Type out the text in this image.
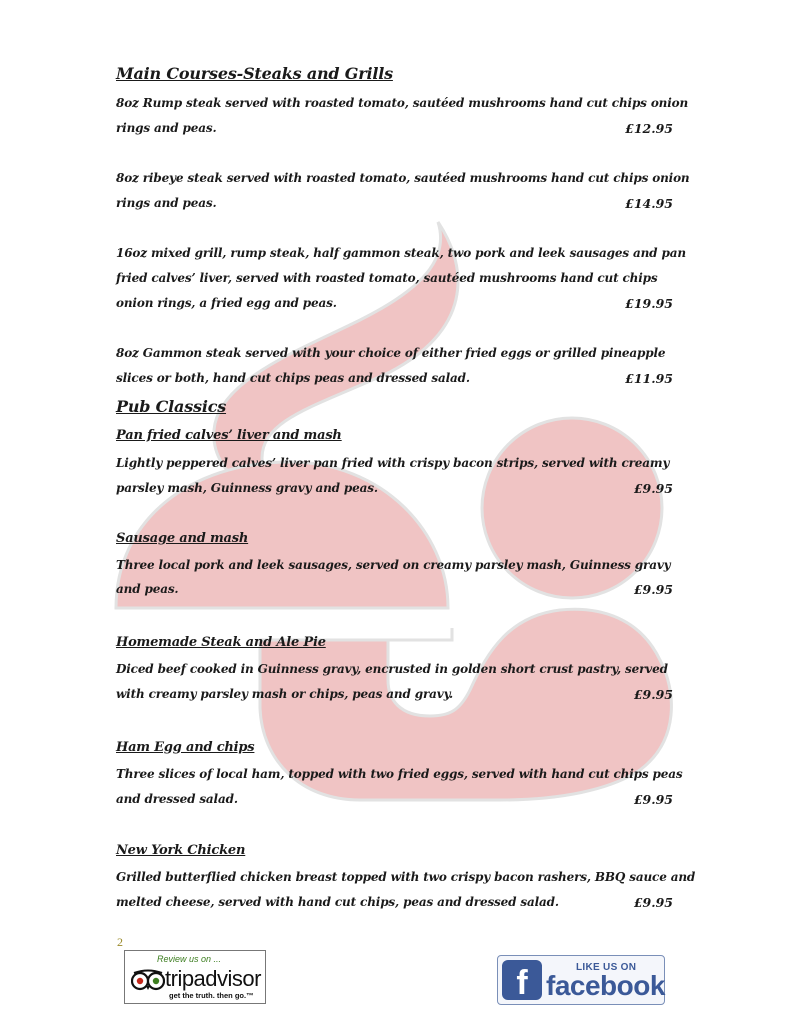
Main Courses-Steaks and Grills

8oz Rump steak served with roasted tomato, sautéed mushrooms hand cut chips onion

rings and peas.	£12.95

8oz ribeye steak served with roasted tomato, sautéed mushrooms hand cut chips onion

rings and peas.	£14.95

16oz mixed grill, rump steak, half gammon steak, two pork and leek sausages and pan

fried calves’ liver, served with roasted tomato, sautéed mushrooms hand cut chips

onion rings, a fried egg and peas.	£19.95

8oz Gammon steak served with your choice of either fried eggs or grilled pineapple

slices or both, hand cut chips peas and dressed salad.	£11.95

Pub Classics
Pan fried calves’ liver and mash

Lightly peppered calves’ liver pan fried with crispy bacon strips, served with creamy

parsley mash, Guinness gravy and peas.	£9.95

Sausage and mash

Three local pork and leek sausages, served on creamy parsley mash, Guinness gravy

and peas.	£9.95

Homemade Steak and Ale Pie

Diced beef cooked in Guinness gravy, encrusted in golden short crust pastry, served

with creamy parsley mash or chips, peas and gravy.	£9.95

Ham Egg and chips

Three slices of local ham, topped with two fried eggs, served with hand cut chips peas

and dressed salad.	£9.95

New York Chicken

Grilled butterflied chicken breast topped with two crispy bacon rashers, BBQ sauce and

melted cheese, served with hand cut chips, peas and dressed salad.	£9.95

2
Review us on ...
tripadvisor
get the truth. then go.™	f	LIKE US ON
facebook
